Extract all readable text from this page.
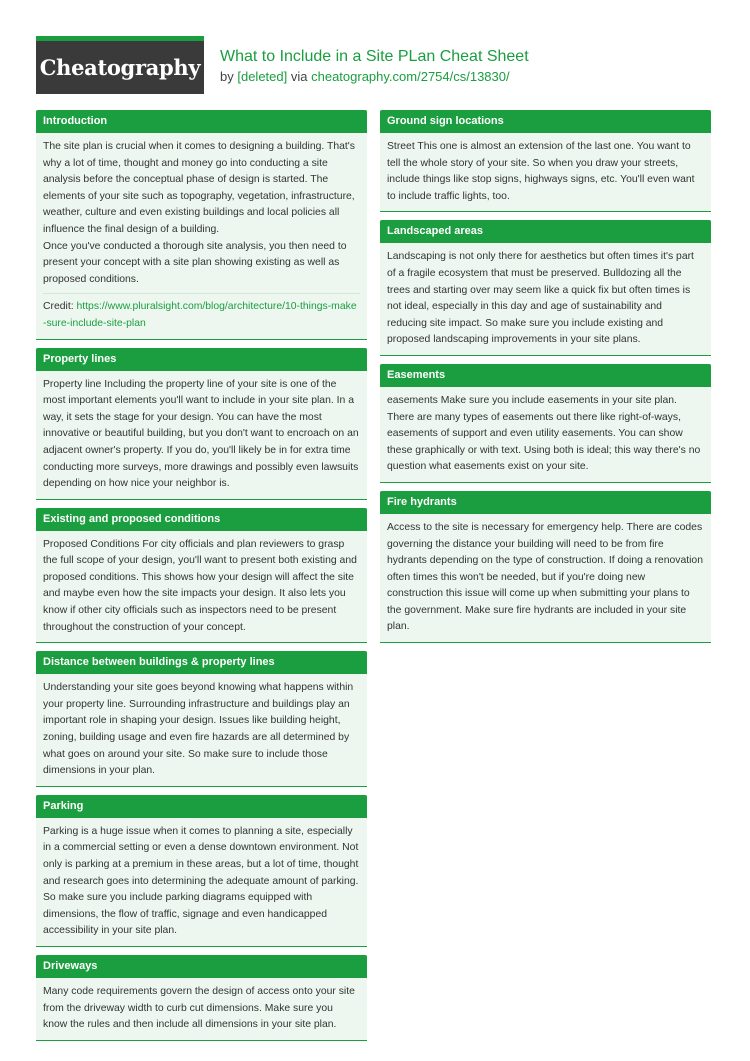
Cheatography What to Include in a Site PLan Cheat Sheet
by [deleted] via cheatography.com/2754/cs/13830/
Introduction

The site plan is crucial when it comes to designing a building. That's why a lot of time, thought and money go into conducting a site analysis before the conceptual phase of design is started. The elements of your site such as topography, vegetation, infrastructure, weather, culture and even existing buildings and local policies all influence the final design of a building.

Once you've conducted a thorough site analysis, you then need to present your concept with a site plan showing existing as well as proposed conditions.

Credit: https://www.pluralsight.com/blog/architecture/10-things-make-sure-include-site-plan
Property lines
Property line Including the property line of your site is one of the most important elements you'll want to include in your site plan. In a way, it sets the stage for your design. You can have the most innovative or beautiful building, but you don't want to encroach on an adjacent owner's property. If you do, you'll likely be in for extra time conducting more surveys, more drawings and possibly even lawsuits depending on how nice your neighbor is.
Existing and proposed conditions
Proposed Conditions For city officials and plan reviewers to grasp the full scope of your design, you'll want to present both existing and proposed conditions. This shows how your design will affect the site and maybe even how the site impacts your design. It also lets you know if other city officials such as inspectors need to be present throughout the construction of your concept.
Distance between buildings & property lines
Understanding your site goes beyond knowing what happens within your property line. Surrounding infrastructure and buildings play an important role in shaping your design. Issues like building height, zoning, building usage and even fire hazards are all determined by what goes on around your site. So make sure to include those dimensions in your plan.
Parking
Parking is a huge issue when it comes to planning a site, especially in a commercial setting or even a dense downtown environment. Not only is parking at a premium in these areas, but a lot of time, thought and research goes into determining the adequate amount of parking. So make sure you include parking diagrams equipped with dimensions, the flow of traffic, signage and even handicapped accessibility in your site plan.
Driveways
Many code requirements govern the design of access onto your site from the driveway width to curb cut dimensions. Make sure you know the rules and then include all dimensions in your site plan.
Ground sign locations
Street This one is almost an extension of the last one. You want to tell the whole story of your site. So when you draw your streets, include things like stop signs, highways signs, etc. You'll even want to include traffic lights, too.
Landscaped areas
Landscaping is not only there for aesthetics but often times it's part of a fragile ecosystem that must be preserved. Bulldozing all the trees and starting over may seem like a quick fix but often times is not ideal, especially in this day and age of sustainability and reducing site impact. So make sure you include existing and proposed landscaping improvements in your site plans.
Easements
easements Make sure you include easements in your site plan. There are many types of easements out there like right-of-ways, easements of support and even utility easements. You can show these graphically or with text. Using both is ideal; this way there's no question what easements exist on your site.
Fire hydrants
Access to the site is necessary for emergency help. There are codes governing the distance your building will need to be from fire hydrants depending on the type of construction. If doing a renovation often times this won't be needed, but if you're doing new construction this issue will come up when submitting your plans to the government. Make sure fire hydrants are included in your site plan.
